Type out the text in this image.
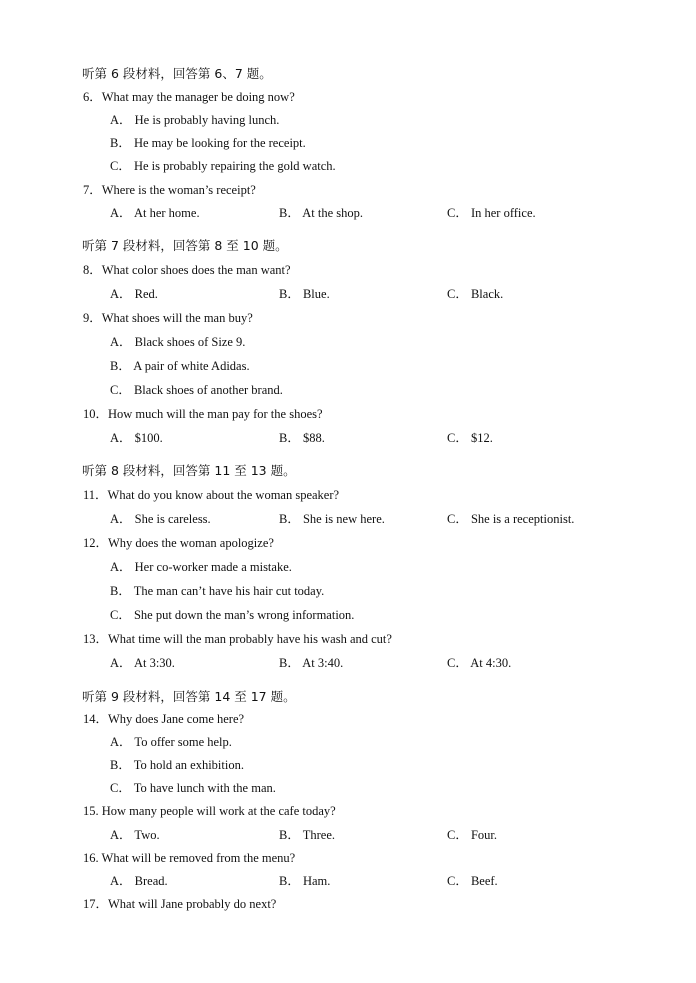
听第 6 段材料，回答第 6、7 题。
6．What may the manager be doing now?
A． He is probably having lunch.
B． He may be looking for the receipt.
C． He is probably repairing the gold watch.
7．Where is the woman’s receipt?
A． At her home.	B． At the shop.	C． In her office.
听第 7 段材料，回答第 8 至 10 题。
8．What color shoes does the man want?
A． Red.	B． Blue.	C． Black.
9．What shoes will the man buy?
A． Black shoes of Size 9.
B． A pair of white Adidas.
C． Black shoes of another brand.
10．How much will the man pay for the shoes?
A． $100.	B． $88.	C． $12.
听第 8 段材料，回答第 11 至 13 题。
11．What do you know about the woman speaker?
A． She is careless.	B． She is new here.	C． She is a receptionist.
12．Why does the woman apologize?
A． Her co-worker made a mistake.
B． The man can’t have his hair cut today.
C． She put down the man’s wrong information.
13．What time will the man probably have his wash and cut?
A． At 3:30.	B． At 3:40.	C． At 4:30.
听第 9 段材料，回答第 14 至 17 题。
14．Why does Jane come here?
A． To offer some help.
B． To hold an exhibition.
C． To have lunch with the man.
15. How many people will work at the cafe today?
A． Two.	B． Three.	C． Four.
16. What will be removed from the menu?
A． Bread.	B． Ham.	C． Beef.
17．What will Jane probably do next?
